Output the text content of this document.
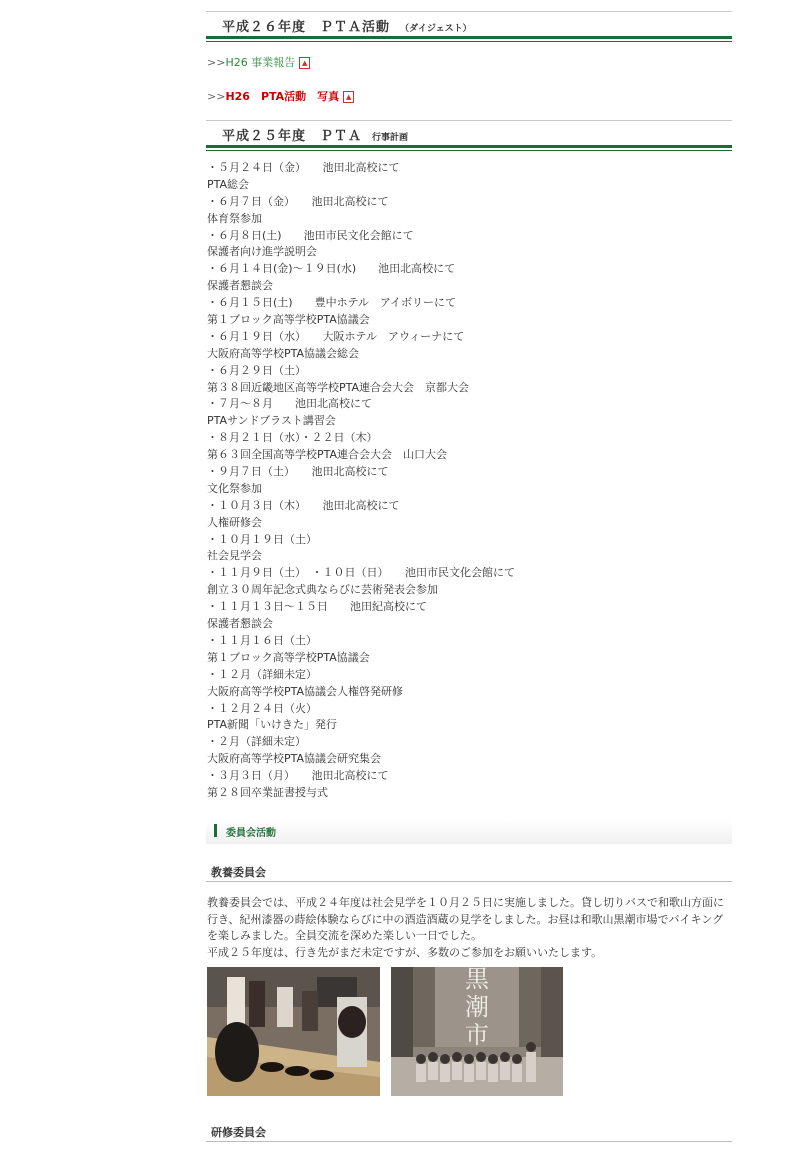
平成２６年度　ＰＴＡ活動 （ダイジェスト）
>>H26 事業報告 ▲
>>H26　PTA活動　写真 ▲
平成２５年度　ＰＴＡ 行事計画
・５月２４日（金）　　池田北高校にて
PTA総会
・６月７日（金）　　池田北高校にて
体育祭参加
・６月８日(土)　　池田市民文化会館にて
保護者向け進学説明会
・６月１４日(金)～１９日(水)　　池田北高校にて
保護者懇談会
・６月１５日(土)　　豊中ホテル　アイボリーにて
第１ブロック高等学校PTA協議会
・６月１９日（水）　　大阪ホテル　アウィーナにて
大阪府高等学校PTA協議会総会
・６月２９日（土）
第３８回近畿地区高等学校PTA連合会大会　京都大会
・７月～８月　　池田北高校にて
PTAサンドブラスト講習会
・８月２１日（水）・２２日（木）
第６３回全国高等学校PTA連合会大会　山口大会
・９月７日（土）　　池田北高校にて
文化祭参加
・１０月３日（木）　　池田北高校にて
人権研修会
・１０月１９日（土）
社会見学会
・１１月９日（土）　・１０日（日）　　池田市民文化会館にて
創立３０周年記念式典ならびに芸術発表会参加
・１１月１３日～１５日　　池田紀高校にて
保護者懇談会
・１１月１６日（土）
第１ブロック高等学校PTA協議会
・１２月（詳細未定）
大阪府高等学校PTA協議会人権啓発研修
・１２月２４日（火）
PTA新聞「いけきた」発行
・２月（詳細未定）
大阪府高等学校PTA協議会研究集会
・３月３日（月）　　池田北高校にて
第２８回卒業証書授与式
委員会活動
教養委員会
教養委員会では、平成２４年度は社会見学を１０月２５日に実施しました。貸し切りバスで和歌山方面に行き、紀州漆器の蒔絵体験ならびに中の酒造酒蔵の見学をしました。お昼は和歌山黒潮市場でバイキングを楽しみました。全員交流を深めた楽しい一日でした。
平成２５年度は、行き先がまだ未定ですが、多数のご参加をお願いいたします。
黒潮市
研修委員会
